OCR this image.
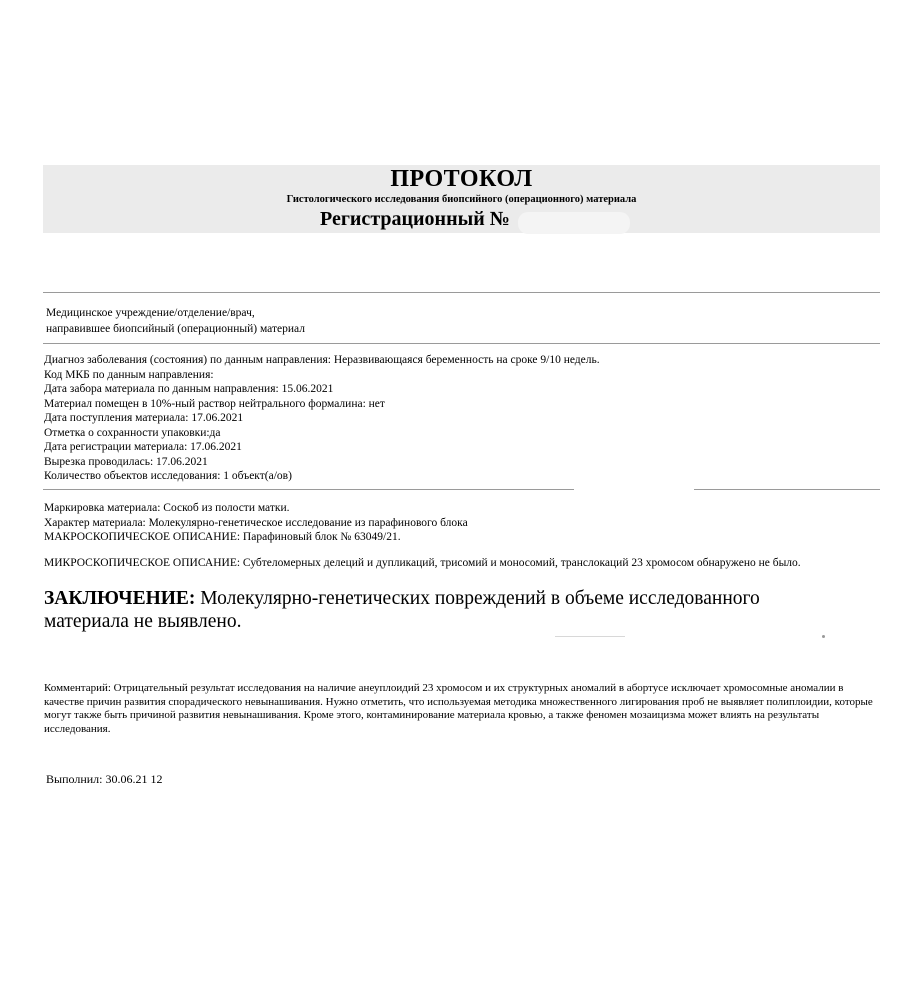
ПРОТОКОЛ
Гистологического исследования биопсийного (операционного) материала
Регистрационный №
Медицинское учреждение/отделение/врач,
направившее биопсийный (операционный) материал
Диагноз заболевания (состояния) по данным направления: Неразвивающаяся беременность на сроке 9/10 недель.
Код МКБ по данным направления:
Дата забора материала по данным направления: 15.06.2021
Материал помещен в 10%-ный раствор нейтрального формалина: нет
Дата поступления материала: 17.06.2021
Отметка о сохранности упаковки:да
Дата регистрации материала: 17.06.2021
Вырезка проводилась: 17.06.2021
Количество объектов исследования: 1 объект(а/ов)
Маркировка материала: Соскоб из полости матки.
Характер материала: Молекулярно-генетическое исследование из парафинового блока
МАКРОСКОПИЧЕСКОЕ ОПИСАНИЕ: Парафиновый блок № 63049/21.
МИКРОСКОПИЧЕСКОЕ ОПИСАНИЕ: Субтеломерных делеций и дупликаций, трисомий и моносомий, транслокаций 23 хромосом обнаружено не было.
ЗАКЛЮЧЕНИЕ: Молекулярно-генетических повреждений в объеме исследованного материала не выявлено.
Комментарий: Отрицательный результат исследования на наличие анеуплоидий 23 хромосом и их структурных аномалий в абортусе исключает хромосомные аномалии в качестве причин развития спорадического невынашивания. Нужно отметить, что используемая методика множественного лигирования проб не выявляет полиплоидии, которые могут также быть причиной развития невынашивания. Кроме этого, контаминирование материала кровью, а также феномен мозаицизма может влиять на результаты исследования.
Выполнил: 30.06.21 12
